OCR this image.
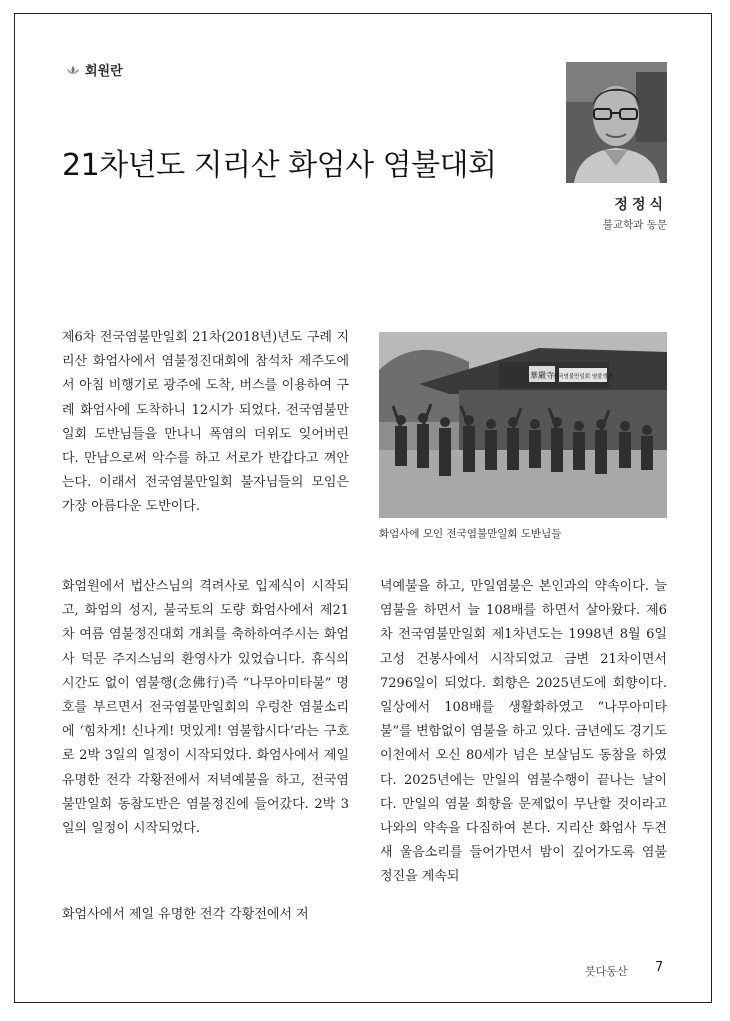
회원란
21차년도 지리산 화엄사 염불대회
정정식
불교학과 동문

제6차 전국염불만일회 21차(2018년)년도 구례 지리산 화엄사에서 염불정진대회에 참석차 제주도에서 아침 비행기로 광주에 도착, 버스를 이용하여 구례 화엄사에 도착하니 12시가 되었다. 전국염불만일회 도반님들을 만나니 폭염의 더위도 잊어버린다. 만남으로써 악수를 하고 서로가 반갑다고 껴안는다. 이래서 전국염불만일회 불자님들의 모임은 가장 아름다운 도반이다.

華嚴寺
전국염불만일회 염불정진
화엄사에 모인 전국염불만일회 도반님들

화엄원에서 법산스님의 격려사로 입제식이 시작되고, 화엄의 성지, 불국토의 도량 화엄사에서 제21차 여름 염불정진대회 개최를 축하하여주시는 화엄사 덕문 주지스님의 환영사가 있었습니다. 휴식의 시간도 없이 염불행(念佛行)즉 “나무아미타불” 명호를 부르면서 전국염불만일회의 우렁찬 염불소리에 ‘힘차게! 신나게! 멋있게! 염불합시다’라는 구호로 2박 3일의 일정이 시작되었다. 화엄사에서 제일 유명한 전각 각황전에서 저녁예불을 하고, 전국염불만일회 동참도반은 염불정진에 들어갔다. 2박 3일의 일정이 시작되었다.

화엄사에서 제일 유명한 전각 각황전에서 저

녁예불을 하고, 만일염불은 본인과의 약속이다. 늘 염불을 하면서 늘 108배를 하면서 살아왔다. 제6차 전국염불만일회 제1차년도는 1998년 8월 6일 고성 건봉사에서 시작되었고 금변 21차이면서 7296일이 되었다. 회향은 2025년도에 회향이다. 일상에서 108배를 생활화하였고 “나무아미타불”를 변함없이 염불을 하고 있다. 금년에도 경기도 이천에서 오신 80세가 넘은 보살님도 동참을 하였다. 2025년에는 만일의 염불수행이 끝나는 날이다. 만일의 염불 회향을 문제없이 무난할 것이라고 나와의 약속을 다짐하여 본다. 지리산 화엄사 두견새 울음소리를 들어가면서 밤이 깊어가도록 염불 정진을 계속되

붓다동산 7
